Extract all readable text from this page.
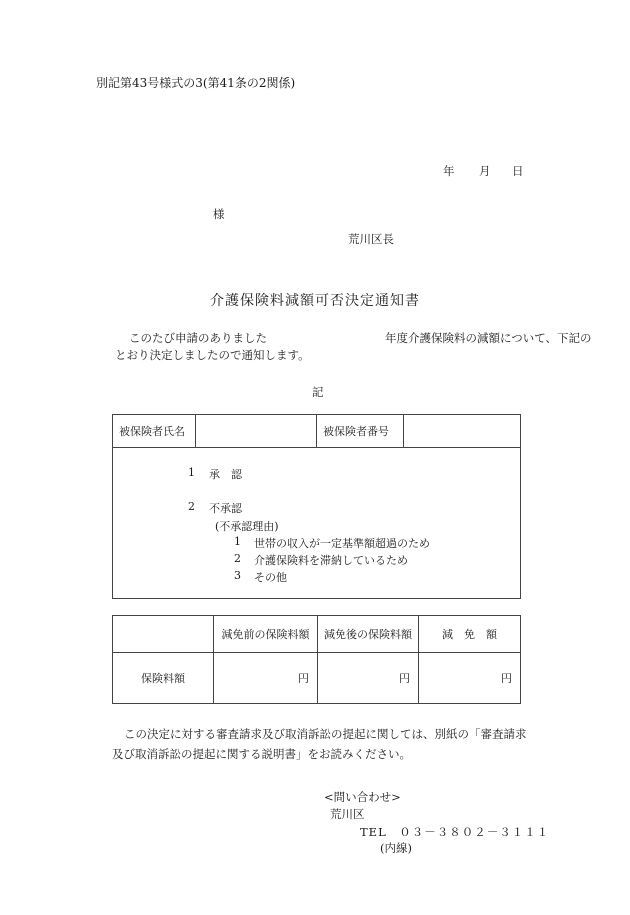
別記第43号様式の3(第41条の2関係)
年 月 日
様
荒川区長
介護保険料減額可否決定通知書
このたび申請のありました	年度介護保険料の減額について、下記の
とおり決定しましたので通知します。
記
被保険者氏名		被保険者番号	

1 承　認
2 不承認
(不承認理由)
1 世帯の収入が一定基準額超過のため
2 介護保険料を滞納しているため
3 その他
	減免前の保険料額	減免後の保険料額	減　免　額
保険料額	円	円	円
この決定に対する審査請求及び取消訴訟の提起に関しては、別紙の「審査請求
及び取消訴訟の提起に関する説明書」をお読みください。
<問い合わせ>
荒川区
TEL　０３－３８０２－３１１１
(内線)
